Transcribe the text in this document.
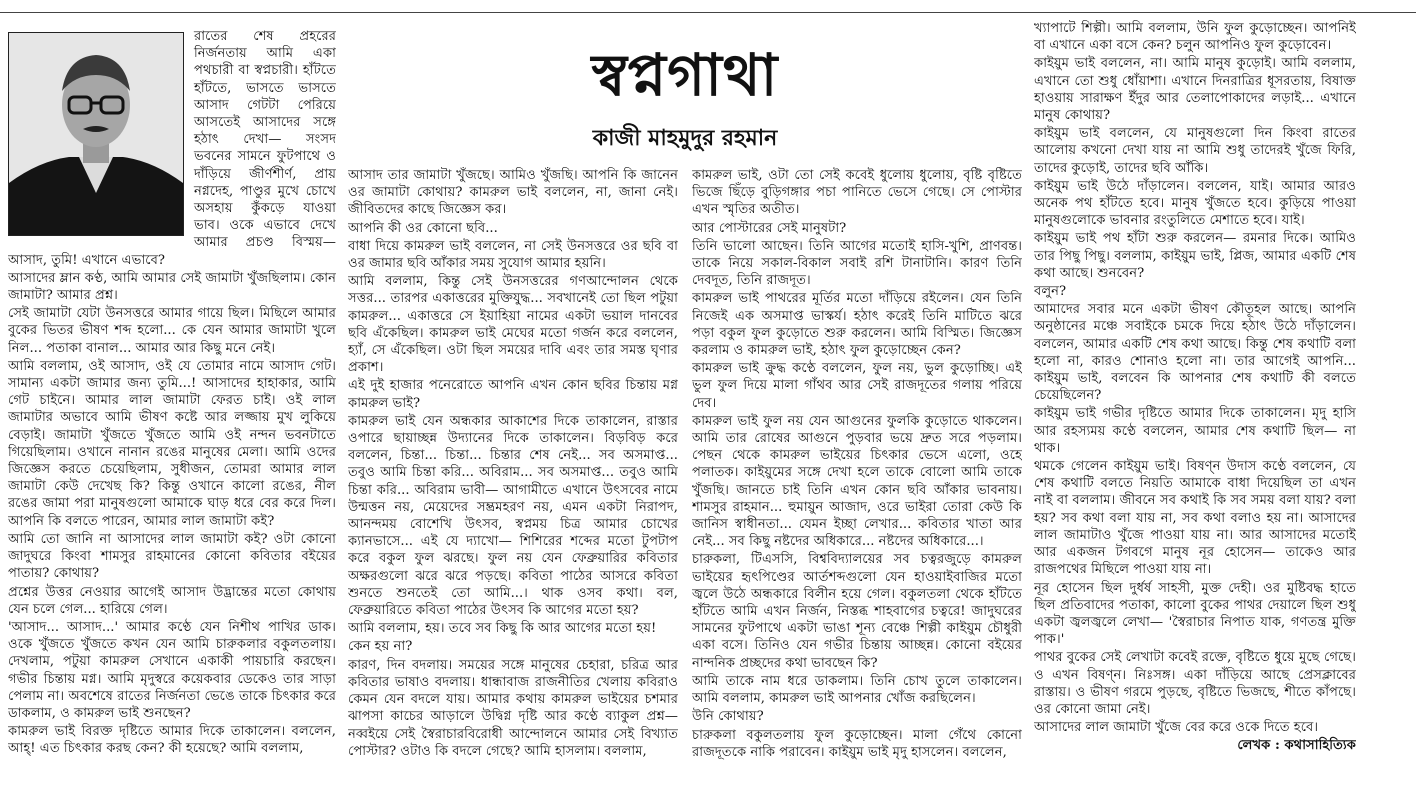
স্বপ্নগাথা
কাজী মাহমুদুর রহমান

রাতের শেষ প্রহরের নির্জনতায় আমি একা পথচারী বা স্বপ্নচারী। হাঁটতে হাঁটতে, ভাসতে ভাসতে আসাদ গেটটা পেরিয়ে আসতেই আসাদের সঙ্গে হঠাৎ দেখা— সংসদ ভবনের সামনে ফুটপাথে ও দাঁড়িয়ে জীর্ণশীর্ণ, প্রায় নগ্নদেহ, পাণ্ডুর মুখে চোখে অসহায় কুঁকড়ে যাওয়া ভাব। ওকে এভাবে দেখে আমার প্রচণ্ড বিস্ময়— আসাদ, তুমি! এখানে এভাবে?

আসাদের ম্লান কণ্ঠ, আমি আমার সেই জামাটা খুঁজছিলাম। কোন জামাটা? আমার প্রশ্ন।

সেই জামাটা যেটা উনসত্তরে আমার গায়ে ছিল। মিছিলে আমার বুকের ভিতর ভীষণ শব্দ হলো... কে যেন আমার জামাটা খুলে নিল... পতাকা বানাল... আমার আর কিছু মনে নেই।

আমি বললাম, ওই আসাদ, ওই যে তোমার নামে আসাদ গেট। সামান্য একটা জামার জন্য তুমি...! আসাদের হাহাকার, আমি গেট চাইনে। আমার লাল জামাটা ফেরত চাই। ওই লাল জামাটার অভাবে আমি ভীষণ কষ্টে আর লজ্জায় মুখ লুকিয়ে বেড়াই। জামাটা খুঁজতে খুঁজতে আমি ওই নন্দন ভবনটাতে গিয়েছিলাম। ওখানে নানান রঙের মানুষের মেলা। আমি ওদের জিজ্ঞেস করতে চেয়েছিলাম, সুধীজন, তোমরা আমার লাল জামাটা কেউ দেখেছ কি? কিন্তু ওখানে কালো রঙের, নীল রঙের জামা পরা মানুষগুলো আমাকে ঘাড় ধরে বের করে দিল। আপনি কি বলতে পারেন, আমার লাল জামাটা কই?

আমি তো জানি না আসাদের লাল জামাটা কই? ওটা কোনো জাদুঘরে কিংবা শামসুর রাহমানের কোনো কবিতার বইয়ের পাতায়? কোথায়?

প্রশ্নের উত্তর নেওয়ার আগেই আসাদ উদ্ভ্রান্তের মতো কোথায় যেন চলে গেল... হারিয়ে গেল।

'আসাদ... আসাদ...' আমার কণ্ঠে যেন নিশীথ পাখির ডাক। ওকে খুঁজতে খুঁজতে কখন যেন আমি চারুকলার বকুলতলায়। দেখলাম, পটুয়া কামরুল সেখানে একাকী পায়চারি করছেন। গভীর চিন্তায় মগ্ন। আমি মৃদুস্বরে কয়েকবার ডেকেও তার সাড়া পেলাম না। অবশেষে রাতের নির্জনতা ভেঙে তাকে চিৎকার করে ডাকলাম, ও কামরুল ভাই শুনছেন?

কামরুল ভাই বিরক্ত দৃষ্টিতে আমার দিকে তাকালেন। বললেন, আহ্! এত চিৎকার করছ কেন? কী হয়েছে? আমি বললাম,

আসাদ তার জামাটা খুঁজছে। আমিও খুঁজছি। আপনি কি জানেন ওর জামাটা কোথায়? কামরুল ভাই বললেন, না, জানা নেই। জীবিতদের কাছে জিজ্ঞেস কর।

আপনি কী ওর কোনো ছবি...

বাধা দিয়ে কামরুল ভাই বললেন, না সেই উনসত্তরে ওর ছবি বা ওর জামার ছবি আঁকার সময় সুযোগ আমার হয়নি।

আমি বললাম, কিন্তু সেই উনসত্তরের গণআন্দোলন থেকে সত্তর... তারপর একাত্তরের মুক্তিযুদ্ধ... সবখানেই তো ছিল পটুয়া কামরুল... একাত্তরে সে ইয়াহিয়া নামের একটা ভয়াল দানবের ছবি এঁকেছিল। কামরুল ভাই মেঘের মতো গর্জন করে বললেন, হ্যাঁ, সে এঁকেছিল। ওটা ছিল সময়ের দাবি এবং তার সমস্ত ঘৃণার প্রকাশ।

এই দুই হাজার পনেরোতে আপনি এখন কোন ছবির চিন্তায় মগ্ন কামরুল ভাই?

কামরুল ভাই যেন অন্ধকার আকাশের দিকে তাকালেন, রাস্তার ওপারে ছায়াচ্ছন্ন উদ্যানের দিকে তাকালেন। বিড়বিড় করে বললেন, চিন্তা... চিন্তা... চিন্তার শেষ নেই... সব অসমাপ্ত... তবুও আমি চিন্তা করি... অবিরাম... সব অসমাপ্ত... তবুও আমি চিন্তা করি... অবিরাম ভাবী— আগামীতে এখানে উৎসবের নামে উন্মত্তন নয়, মেয়েদের সম্ভ্রমহরণ নয়, এমন একটা নিরাপদ, আনন্দময় বোশেখি উৎসব, স্বপ্নময় চিত্র আমার চোখের ক্যানভাসে... এই যে দ্যাখো— শিশিরের শব্দের মতো টুপটাপ করে বকুল ফুল ঝরছে। ফুল নয় যেন ফেব্রুয়ারির কবিতার অক্ষরগুলো ঝরে ঝরে পড়ছে। কবিতা পাঠের আসরে কবিতা শুনতে শুনতেই তো আমি...। থাক ওসব কথা। বল, ফেব্রুয়ারিতে কবিতা পাঠের উৎসব কি আগের মতো হয়?

আমি বললাম, হয়। তবে সব কিছু কি আর আগের মতো হয়!

কেন হয় না?

কারণ, দিন বদলায়। সময়ের সঙ্গে মানুষের চেহারা, চরিত্র আর কবিতার ভাষাও বদলায়। ধান্ধাবাজ রাজনীতির খেলায় কবিরাও কেমন যেন বদলে যায়। আমার কথায় কামরুল ভাইয়ের চশমার ঝাপসা কাচের আড়ালে উদ্বিগ্ন দৃষ্টি আর কণ্ঠে ব্যাকুল প্রশ্ন— নব্বইয়ে সেই স্বৈরাচারবিরোধী আন্দোলনে আমার সেই বিখ্যাত পোস্টার? ওটাও কি বদলে গেছে? আমি হাসলাম। বললাম,

কামরুল ভাই, ওটা তো সেই কবেই ধুলোয় ধুলোয়, বৃষ্টি বৃষ্টিতে ভিজে ছিঁড়ে বুড়িগঙ্গার পচা পানিতে ভেসে গেছে। সে পোস্টার এখন স্মৃতির অতীত।

আর পোস্টারের সেই মানুষটা?

তিনি ভালো আছেন। তিনি আগের মতোই হাসি-খুশি, প্রাণবন্ত। তাকে নিয়ে সকাল-বিকাল সবাই রশি টানাটানি। কারণ তিনি দেবদূত, তিনি রাজদূত।

কামরুল ভাই পাথরের মূর্তির মতো দাঁড়িয়ে রইলেন। যেন তিনি নিজেই এক অসমাপ্ত ভাস্কর্য। হঠাৎ করেই তিনি মাটিতে ঝরে পড়া বকুল ফুল কুড়োতে শুরু করলেন। আমি বিস্মিত। জিজ্ঞেস করলাম ও কামরুল ভাই, হঠাৎ ফুল কুড়োচ্ছেন কেন?

কামরুল ভাই ক্রুদ্ধ কণ্ঠে বললেন, ফুল নয়, ভুল কুড়োচ্ছি। এই ভুল ফুল দিয়ে মালা গাঁথব আর সেই রাজদূতের গলায় পরিয়ে দেব।

কামরুল ভাই ফুল নয় যেন আগুনের ফুলকি কুড়োতে থাকলেন। আমি তার রোষের আগুনে পুড়বার ভয়ে দ্রুত সরে পড়লাম। পেছন থেকে কামরুল ভাইয়ের চিৎকার ভেসে এলো, ওহে পলাতক। কাইয়ুমের সঙ্গে দেখা হলে তাকে বোলো আমি তাকে খুঁজছি। জানতে চাই তিনি এখন কোন ছবি আঁকার ভাবনায়। শামসুর রাহমান... হুমায়ুন আজাদ, ওরে ভাইরা তোরা কেউ কি জানিস স্বাধীনতা... যেমন ইচ্ছা লেখার... কবিতার খাতা আর নেই... সব কিছু নষ্টদের অধিকারে... নষ্টদের অধিকারে...।

চারুকলা, টিএসসি, বিশ্ববিদ্যালয়ের সব চত্বরজুড়ে কামরুল ভাইয়ের হৃৎপিণ্ডের আর্তশব্দগুলো যেন হাওয়াইবাজির মতো জ্বলে উঠে অন্ধকারে বিলীন হয়ে গেল। বকুলতলা থেকে হাঁটতে হাঁটতে আমি এখন নির্জন, নিস্তব্ধ শাহবাগের চত্বরে! জাদুঘরের সামনের ফুটপাথে একটা ভাঙা শূন্য বেঞ্চে শিল্পী কাইয়ুম চৌধুরী একা বসে। তিনিও যেন গভীর চিন্তায় আচ্ছন্ন। কোনো বইয়ের নান্দনিক প্রচ্ছদের কথা ভাবছেন কি?

আমি তাকে নাম ধরে ডাকলাম। তিনি চোখ তুলে তাকালেন। আমি বললাম, কামরুল ভাই আপনার খোঁজ করছিলেন।

উনি কোথায়?

চারুকলা বকুলতলায় ফুল কুড়োচ্ছেন। মালা গেঁথে কোনো রাজদূতকে নাকি পরাবেন। কাইয়ুম ভাই মৃদু হাসলেন। বললেন,

খ্যাপাটে শিল্পী। আমি বললাম, উনি ফুল কুড়োচ্ছেন। আপনিই বা এখানে একা বসে কেন? চলুন আপনিও ফুল কুড়োবেন।

কাইয়ুম ভাই বললেন, না। আমি মানুষ কুড়োই। আমি বললাম, এখানে তো শুধু ধোঁয়াশা। এখানে দিনরাত্রির ধূসরতায়, বিষাক্ত হাওয়ায় সারাক্ষণ ইঁদুর আর তেলাপোকাদের লড়াই... এখানে মানুষ কোথায়?

কাইয়ুম ভাই বললেন, যে মানুষগুলো দিন কিংবা রাতের আলোয় কখনো দেখা যায় না আমি শুধু তাদেরই খুঁজে ফিরি, তাদের কুড়োই, তাদের ছবি আঁকি।

কাইয়ুম ভাই উঠে দাঁড়ালেন। বললেন, যাই। আমার আরও অনেক পথ হাঁটতে হবে। মানুষ খুঁজতে হবে। কুড়িয়ে পাওয়া মানুষগুলোকে ভাবনার রংতুলিতে মেশাতে হবে। যাই।

কাইয়ুম ভাই পথ হাঁটা শুরু করলেন— রমনার দিকে। আমিও তার পিছু পিছু। বললাম, কাইয়ুম ভাই, প্লিজ, আমার একটি শেষ কথা আছে। শুনবেন?

বলুন?

আমাদের সবার মনে একটা ভীষণ কৌতূহল আছে। আপনি অনুষ্ঠানের মঞ্চে সবাইকে চমকে দিয়ে হঠাৎ উঠে দাঁড়ালেন। বললেন, আমার একটি শেষ কথা আছে। কিন্তু শেষ কথাটি বলা হলো না, কারও শোনাও হলো না। তার আগেই আপনি... কাইয়ুম ভাই, বলবেন কি আপনার শেষ কথাটি কী বলতে চেয়েছিলেন?

কাইয়ুম ভাই গভীর দৃষ্টিতে আমার দিকে তাকালেন। মৃদু হাসি আর রহস্যময় কণ্ঠে বললেন, আমার শেষ কথাটি ছিল— না থাক।

থমকে গেলেন কাইয়ুম ভাই। বিষণ্ন উদাস কণ্ঠে বললেন, যে শেষ কথাটি বলতে নিয়তি আমাকে বাধা দিয়েছিল তা এখন নাই বা বললাম। জীবনে সব কথাই কি সব সময় বলা যায়? বলা হয়? সব কথা বলা যায় না, সব কথা বলাও হয় না। আসাদের লাল জামাটাও খুঁজে পাওয়া যায় না। আর আসাদের মতোই আর একজন টগবগে মানুষ নূর হোসেন— তাকেও আর রাজপথের মিছিলে পাওয়া যায় না।

নূর হোসেন ছিল দুর্ধর্ষ সাহসী, মুক্ত দেহী। ওর মুষ্টিবদ্ধ হাতে ছিল প্রতিবাদের পতাকা, কালো বুকের পাথর দেয়ালে ছিল শুধু একটা জ্বলজ্বলে লেখা— 'স্বৈরাচার নিপাত যাক, গণতন্ত্র মুক্তি পাক।'

পাথর বুকের সেই লেখাটা কবেই রক্তে, বৃষ্টিতে ধুয়ে মুছে গেছে। ও এখন বিষণ্ন। নিঃসঙ্গ। একা দাঁড়িয়ে আছে প্রেসক্লাবের রাস্তায়। ও ভীষণ গরমে পুড়ছে, বৃষ্টিতে ভিজছে, শীতে কাঁপছে। ওর কোনো জামা নেই।

আসাদের লাল জামাটা খুঁজে বের করে ওকে দিতে হবে।

লেখক : কথাসাহিত্যিক
